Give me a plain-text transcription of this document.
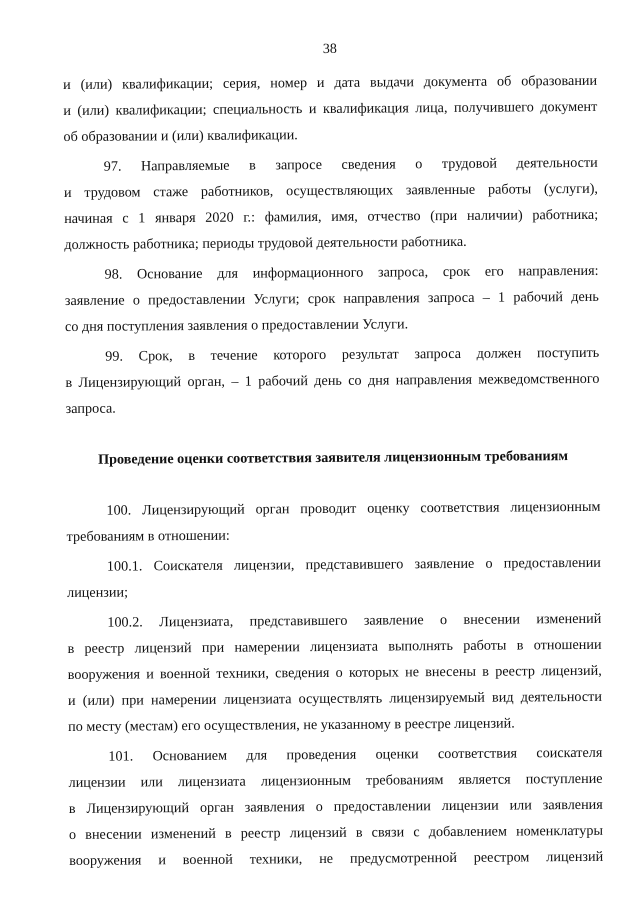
38

и (или) квалификации; серия, номер и дата выдачи документа об образовании

и (или) квалификации; специальность и квалификация лица, получившего документ

об образовании и (или) квалификации.

97. Направляемые в запросе сведения о трудовой деятельности

и трудовом стаже работников, осуществляющих заявленные работы (услуги),

начиная с 1 января 2020 г.: фамилия, имя, отчество (при наличии) работника;

должность работника; периоды трудовой деятельности работника.

98. Основание для информационного запроса, срок его направления:

заявление о предоставлении Услуги; срок направления запроса – 1 рабочий день

со дня поступления заявления о предоставлении Услуги.

99. Срок, в течение которого результат запроса должен поступить

в Лицензирующий орган, – 1 рабочий день со дня направления межведомственного

запроса.

Проведение оценки соответствия заявителя лицензионным требованиям

100. Лицензирующий орган проводит оценку соответствия лицензионным

требованиям в отношении:

100.1. Соискателя лицензии, представившего заявление о предоставлении

лицензии;

100.2. Лицензиата, представившего заявление о внесении изменений

в реестр лицензий при намерении лицензиата выполнять работы в отношении

вооружения и военной техники, сведения о которых не внесены в реестр лицензий,

и (или) при намерении лицензиата осуществлять лицензируемый вид деятельности

по месту (местам) его осуществления, не указанному в реестре лицензий.

101. Основанием для проведения оценки соответствия соискателя

лицензии или лицензиата лицензионным требованиям является поступление

в Лицензирующий орган заявления о предоставлении лицензии или заявления

о внесении изменений в реестр лицензий в связи с добавлением номенклатуры

вооружения и военной техники, не предусмотренной реестром лицензий
